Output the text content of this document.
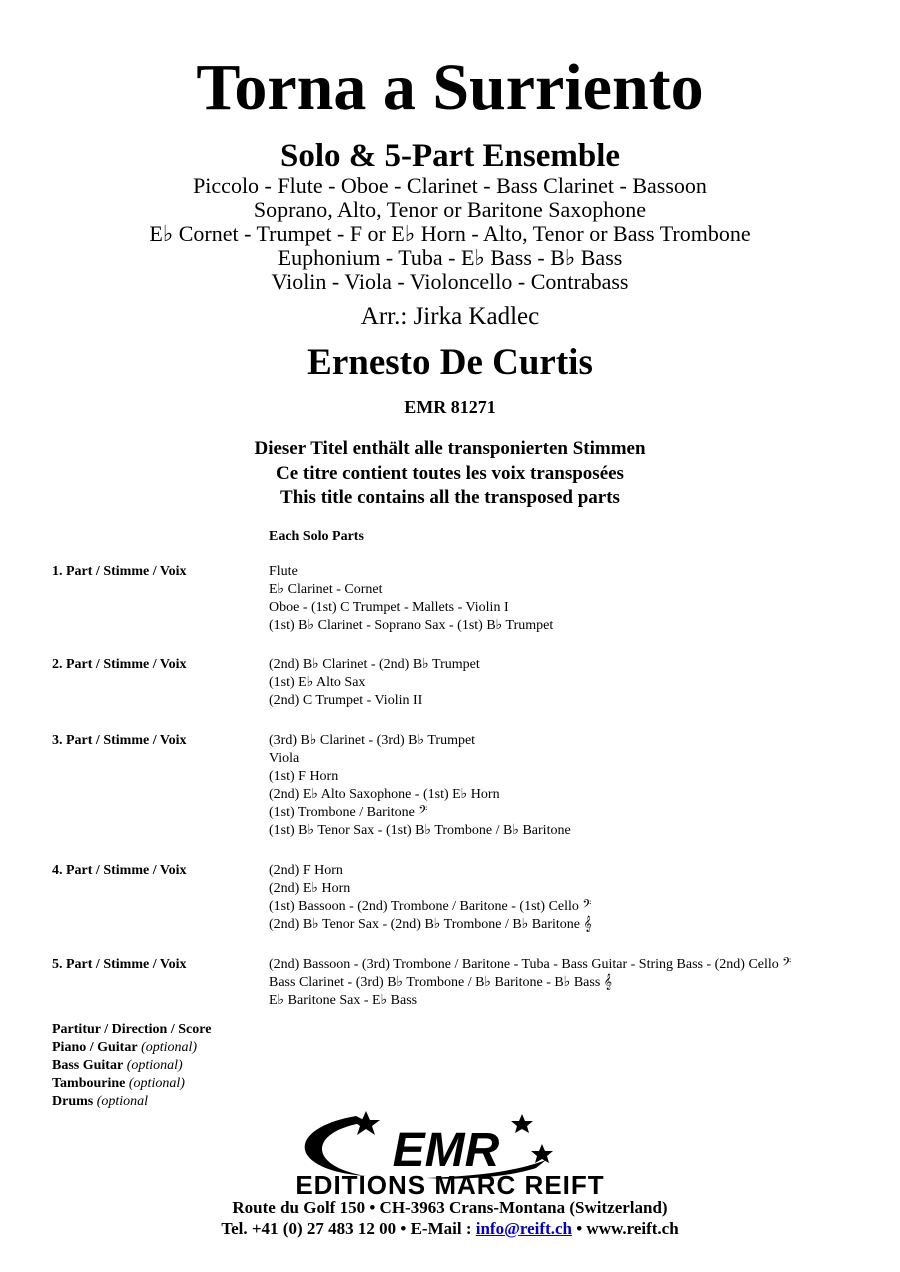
Torna a Surriento
Solo & 5-Part Ensemble
Piccolo - Flute - Oboe - Clarinet - Bass Clarinet - Bassoon
Soprano, Alto, Tenor or Baritone Saxophone
E♭ Cornet - Trumpet - F or E♭ Horn - Alto, Tenor or Bass Trombone
Euphonium - Tuba - E♭ Bass - B♭ Bass
Violin - Viola - Violoncello - Contrabass
Arr.: Jirka Kadlec
Ernesto De Curtis
EMR 81271
Dieser Titel enthält alle transponierten Stimmen
Ce titre contient toutes les voix transposées
This title contains all the transposed parts
Each Solo Parts
1. Part / Stimme / Voix	Flute
E♭ Clarinet - Cornet
Oboe - (1st) C Trumpet - Mallets - Violin I
(1st) B♭ Clarinet - Soprano Sax - (1st) B♭ Trumpet
2. Part / Stimme / Voix	(2nd) B♭ Clarinet - (2nd) B♭ Trumpet
(1st) E♭ Alto Sax
(2nd) C Trumpet - Violin II
3. Part / Stimme / Voix	(3rd) B♭ Clarinet - (3rd) B♭ Trumpet
Viola
(1st) F Horn
(2nd) E♭ Alto Saxophone - (1st) E♭ Horn
(1st) Trombone / Baritone 𝄢
(1st) B♭ Tenor Sax - (1st) B♭ Trombone / B♭ Baritone
4. Part / Stimme / Voix	(2nd) F Horn
(2nd) E♭ Horn
(1st) Bassoon - (2nd) Trombone / Baritone - (1st) Cello 𝄢
(2nd) B♭ Tenor Sax - (2nd) B♭ Trombone / B♭ Baritone 𝄞
5. Part / Stimme / Voix	(2nd) Bassoon - (3rd) Trombone / Baritone - Tuba - Bass Guitar - String Bass - (2nd) Cello 𝄢
Bass Clarinet - (3rd) B♭ Trombone / B♭ Baritone - B♭ Bass 𝄞
E♭ Baritone Sax - E♭ Bass
Partitur / Direction / Score
Piano / Guitar (optional)
Bass Guitar (optional)
Tambourine (optional)
Drums (optional
EMR
EDITIONS MARC REIFT
Route du Golf 150 • CH-3963 Crans-Montana (Switzerland)
Tel. +41 (0) 27 483 12 00 • E-Mail : info@reift.ch • www.reift.ch
